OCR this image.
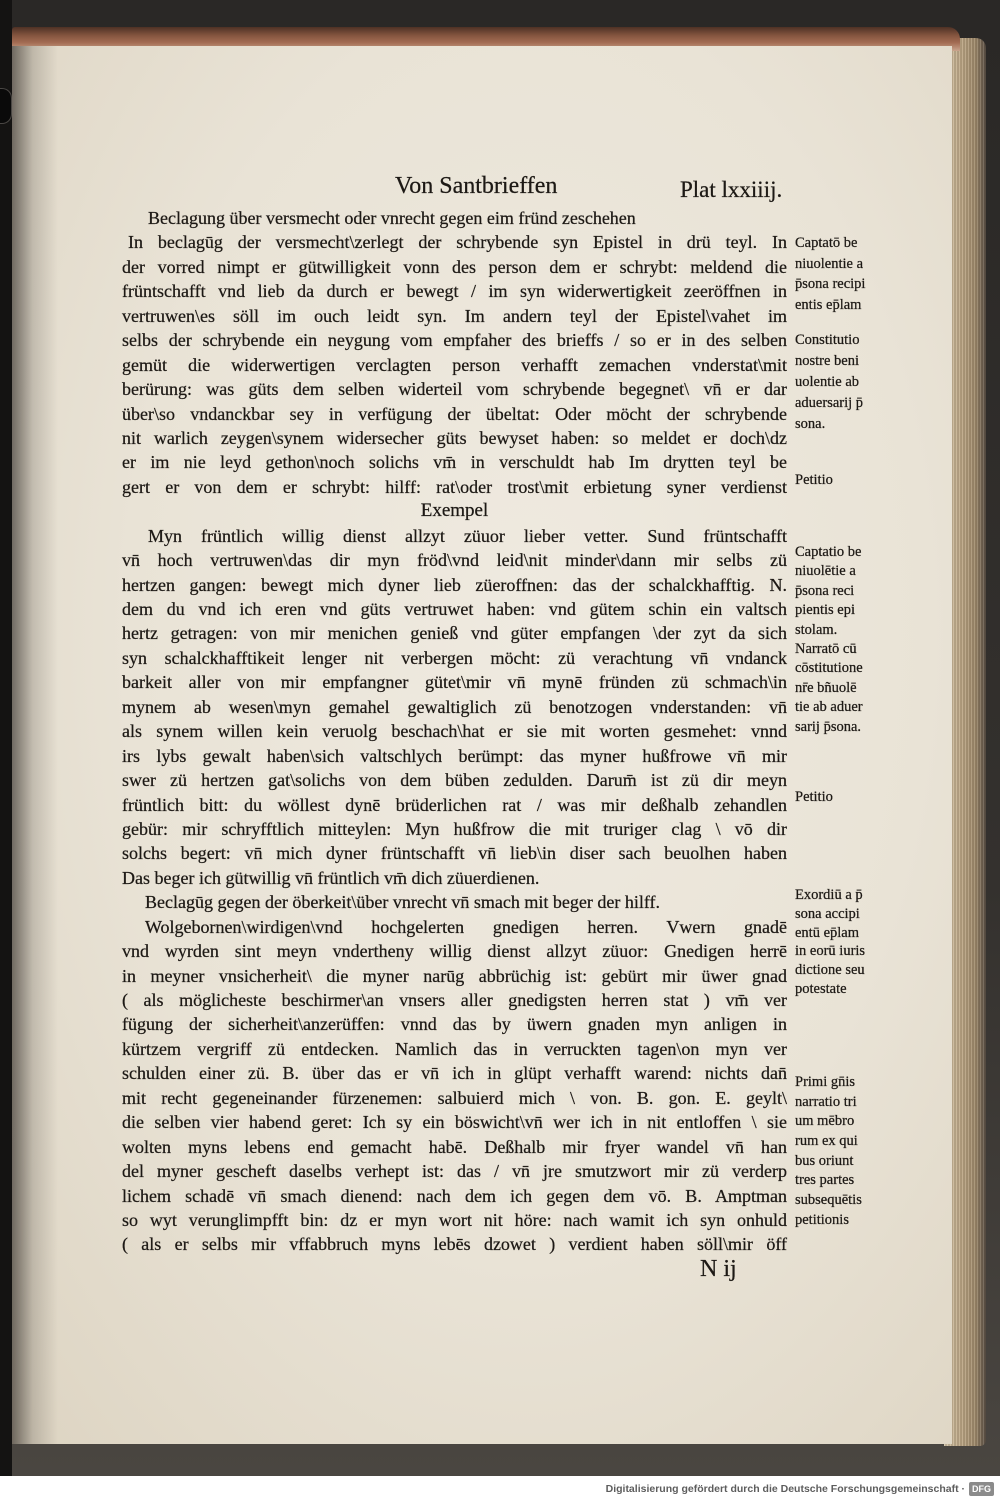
Von Santbrieffen	Plat lxxiiij.
Beclagung über versmecht oder vnrecht gegen eim fründ zeschehen
In beclagūg der versmecht\zerlegt der schrybende syn Epistel in drü teyl. In
der vorred nimpt er gütwilligkeit vonn des person dem er schrybt: meldend die
früntschafft vnd lieb da durch er bewegt / im syn widerwertigkeit zeeröffnen in
vertruwen\es söll im ouch leidt syn. Im andern teyl der Epistel\vahet im
selbs der schrybende ein neygung vom empfaher des brieffs / so er in des selben
gemüt die widerwertigen verclagten person verhafft zemachen vnderstat\mit
berürung: was güts dem selben widerteil vom schrybende begegnet\ vn̄ er dar
über\so vndanckbar sey in verfügung der übeltat: Oder möcht der schrybende
nit warlich zeygen\synem widersecher güts bewyset haben: so meldet er doch\dz
er im nie leyd gethon\noch solichs vm̄ in verschuldt hab Im drytten teyl be
gert er von dem er schrybt: hilff: rat\oder trost\mit erbietung syner verdienst
Exempel
Myn früntlich willig dienst allzyt züuor lieber vetter. Sund früntschafft
vn̄ hoch vertruwen\das dir myn fröd\vnd leid\nit minder\dann mir selbs zü
hertzen gangen: bewegt mich dyner lieb züeroffnen: das der schalckhafftig. N.
dem du vnd ich eren vnd güts vertruwet haben: vnd gütem schin ein valtsch
hertz getragen: von mir menichen genieß vnd güter empfangen \der zyt da sich
syn schalckhafftikeit lenger nit verbergen möcht: zü verachtung vn̄ vndanck
barkeit aller von mir empfangner gütet\mir vn̄ mynē fründen zü schmach\in
mynem ab wesen\myn gemahel gewaltiglich zü benotzogen vnderstanden: vn̄
als synem willen kein veruolg beschach\hat er sie mit worten gesmehet: vnnd
irs lybs gewalt haben\sich valtschlych berümpt: das myner hußfrowe vn̄ mir
swer zü hertzen gat\solichs von dem büben zedulden. Darum̄ ist zü dir meyn
früntlich bitt: du wöllest dynē brüderlichen rat / was mir deßhalb zehandlen
gebür: mir schryfftlich mitteylen: Myn hußfrow die mit truriger clag \ vō dir
solchs begert: vn̄ mich dyner früntschafft vn̄ lieb\in diser sach beuolhen haben
Das beger ich gütwillig vn̄ früntlich vm̄ dich züuerdienen.
Beclagūg gegen der öberkeit\über vnrecht vn̄ smach mit beger der hilff.
Wolgebornen\wirdigen\vnd hochgelerten gnedigen herren. Vwern gnadē
vnd wyrden sint meyn vndertheny willig dienst allzyt züuor: Gnedigen herrē
in meyner vnsicherheit\ die myner narūg abbrüchig ist: gebürt mir üwer gnad
( als möglicheste beschirmer\an vnsers aller gnedigsten herren stat ) vm̄ ver
fügung der sicherheit\anzerüffen: vnnd das by üwern gnaden myn anligen in
kürtzem vergriff zü entdecken. Namlich das in verruckten tagen\on myn ver
schulden einer zü. B. über das er vn̄ ich in glüpt verhafft warend: nichts dan̄
mit recht gegeneinander fürzenemen: salbuierd mich \ von. B. gon. E. geylt\
die selben vier habend geret: Ich sy ein böswicht\vn̄ wer ich in nit entloffen \ sie
wolten myns lebens end gemacht habē. Deßhalb mir fryer wandel vn̄ han
del myner gescheft daselbs verhept ist: das / vn̄ jre smutzwort mir zü verderp
lichem schadē vn̄ smach dienend: nach dem ich gegen dem vō. B. Amptman
so wyt verunglimpfft bin: dz er myn wort nit höre: nach wamit ich syn onhuld
( als er selbs mir vffabbruch myns lebēs dzowet ) verdient haben söll\mir öff
N ij
Captatō be
niuolentie a
p̄sona recipi
entis ep̄lam
Constitutio
nostre beni
uolentie ab
aduersarij p̄
sona.
Petitio
Captatio be
niuolētie a
p̄sona reci
pientis epi
stolam.
Narratō cū
cōstitutione
nr̄e bñuolē
tie ab aduer
sarij p̄sona.
Petitio
Exordiū a p̄
sona accipi
entū ep̄lam
in eorū iuris
dictione seu
potestate
Primi gn̄is
narratio tri
um mēbro
rum ex qui
bus oriunt
tres partes
subsequētis
petitionis
Digitalisierung gefördert durch die Deutsche Forschungsgemeinschaft · DFG
